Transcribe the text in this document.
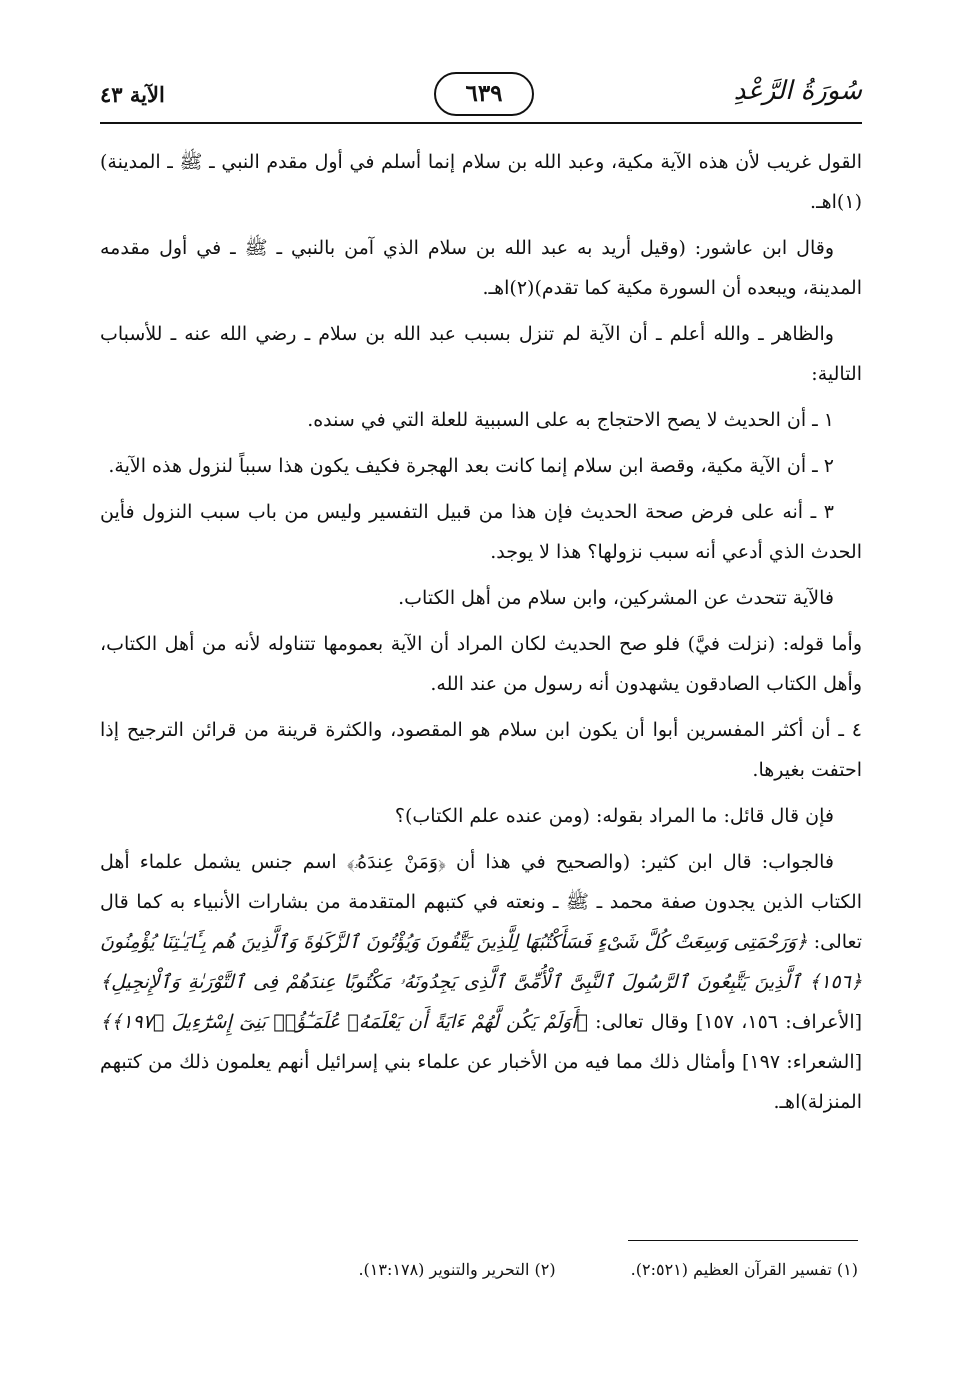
الآية ٤٣	٦٣٩	سُورَةُ الرَّعْدِ

القول غريب لأن هذه الآية مكية، وعبد الله بن سلام إنما أسلم في أول مقدم النبي ـ ﷺ ـ المدينة)(١)اهـ.

وقال ابن عاشور: (وقيل أريد به عبد الله بن سلام الذي آمن بالنبي ـ ﷺ ـ في أول مقدمه المدينة، ويبعده أن السورة مكية كما تقدم)(٢)اهـ.

والظاهر ـ والله أعلم ـ أن الآية لم تنزل بسبب عبد الله بن سلام ـ رضي الله عنه ـ للأسباب التالية:

١ ـ أن الحديث لا يصح الاحتجاج به على السببية للعلة التي في سنده.

٢ ـ أن الآية مكية، وقصة ابن سلام إنما كانت بعد الهجرة فكيف يكون هذا سبباً لنزول هذه الآية.

٣ ـ أنه على فرض صحة الحديث فإن هذا من قبيل التفسير وليس من باب سبب النزول فأين الحدث الذي أدعي أنه سبب نزولها؟ هذا لا يوجد.

فالآية تتحدث عن المشركين، وابن سلام من أهل الكتاب.

وأما قوله: (نزلت فيَّ) فلو صح الحديث لكان المراد أن الآية بعمومها تتناوله لأنه من أهل الكتاب، وأهل الكتاب الصادقون يشهدون أنه رسول من عند الله.

٤ ـ أن أكثر المفسرين أبوا أن يكون ابن سلام هو المقصود، والكثرة قرينة من قرائن الترجيح إذا احتفت بغيرها.

فإن قال قائل: ما المراد بقوله: (ومن عنده علم الكتاب)؟

فالجواب: قال ابن كثير: (والصحيح في هذا أن ﴿وَمَنْ عِندَهُۥ﴾ اسم جنس يشمل علماء أهل الكتاب الذين يجدون صفة محمد ـ ﷺ ـ ونعته في كتبهم المتقدمة من بشارات الأنبياء به كما قال تعالى: ﴿وَرَحْمَتِى وَسِعَتْ كُلَّ شَىْءٍ فَسَأَكْتُبُهَا لِلَّذِينَ يَتَّقُونَ وَيُؤْتُونَ ٱلزَّكَوٰةَ وَٱلَّذِينَ هُم بِـَٔايَـٰتِنَا يُؤْمِنُونَ ﴿١٥٦﴾ ٱلَّذِينَ يَتَّبِعُونَ ٱلرَّسُولَ ٱلنَّبِىَّ ٱلْأُمِّىَّ ٱلَّذِى يَجِدُونَهُۥ مَكْتُوبًا عِندَهُمْ فِى ٱلتَّوْرَىٰةِ وَٱلْإِنجِيلِ﴾ [الأعراف: ١٥٦، ١٥٧] وقال تعالى: ﴿أَوَلَمْ يَكُن لَّهُمْ ءَايَةً أَن يَعْلَمَهُۥ عُلَمَـٰٓؤُا۟ بَنِىٓ إِسْرَٰٓءِيلَ ﴿١٩٧﴾﴾ [الشعراء: ١٩٧] وأمثال ذلك مما فيه من الأخبار عن علماء بني إسرائيل أنهم يعلمون ذلك من كتبهم المنزلة)اهـ.

(١) تفسير القرآن العظيم (٢:٥٢١). (٢) التحرير والتنوير (١٣:١٧٨).
